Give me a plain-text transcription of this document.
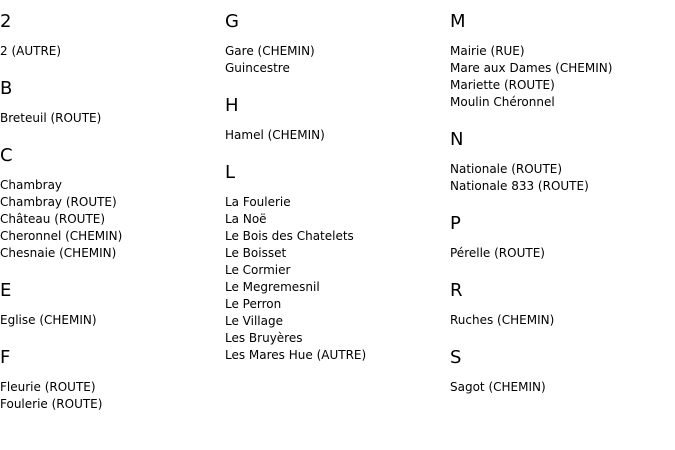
2
2 (AUTRE)
B
Breteuil (ROUTE)
C
Chambray
Chambray (ROUTE)
Château (ROUTE)
Cheronnel (CHEMIN)
Chesnaie (CHEMIN)
E
Eglise (CHEMIN)
F
Fleurie (ROUTE)
Foulerie (ROUTE)
G
Gare (CHEMIN)
Guincestre
H
Hamel (CHEMIN)
L
La Foulerie
La Noë
Le Bois des Chatelets
Le Boisset
Le Cormier
Le Megremesnil
Le Perron
Le Village
Les Bruyères
Les Mares Hue (AUTRE)
M
Mairie (RUE)
Mare aux Dames (CHEMIN)
Mariette (ROUTE)
Moulin Chéronnel
N
Nationale (ROUTE)
Nationale 833 (ROUTE)
P
Pérelle (ROUTE)
R
Ruches (CHEMIN)
S
Sagot (CHEMIN)
